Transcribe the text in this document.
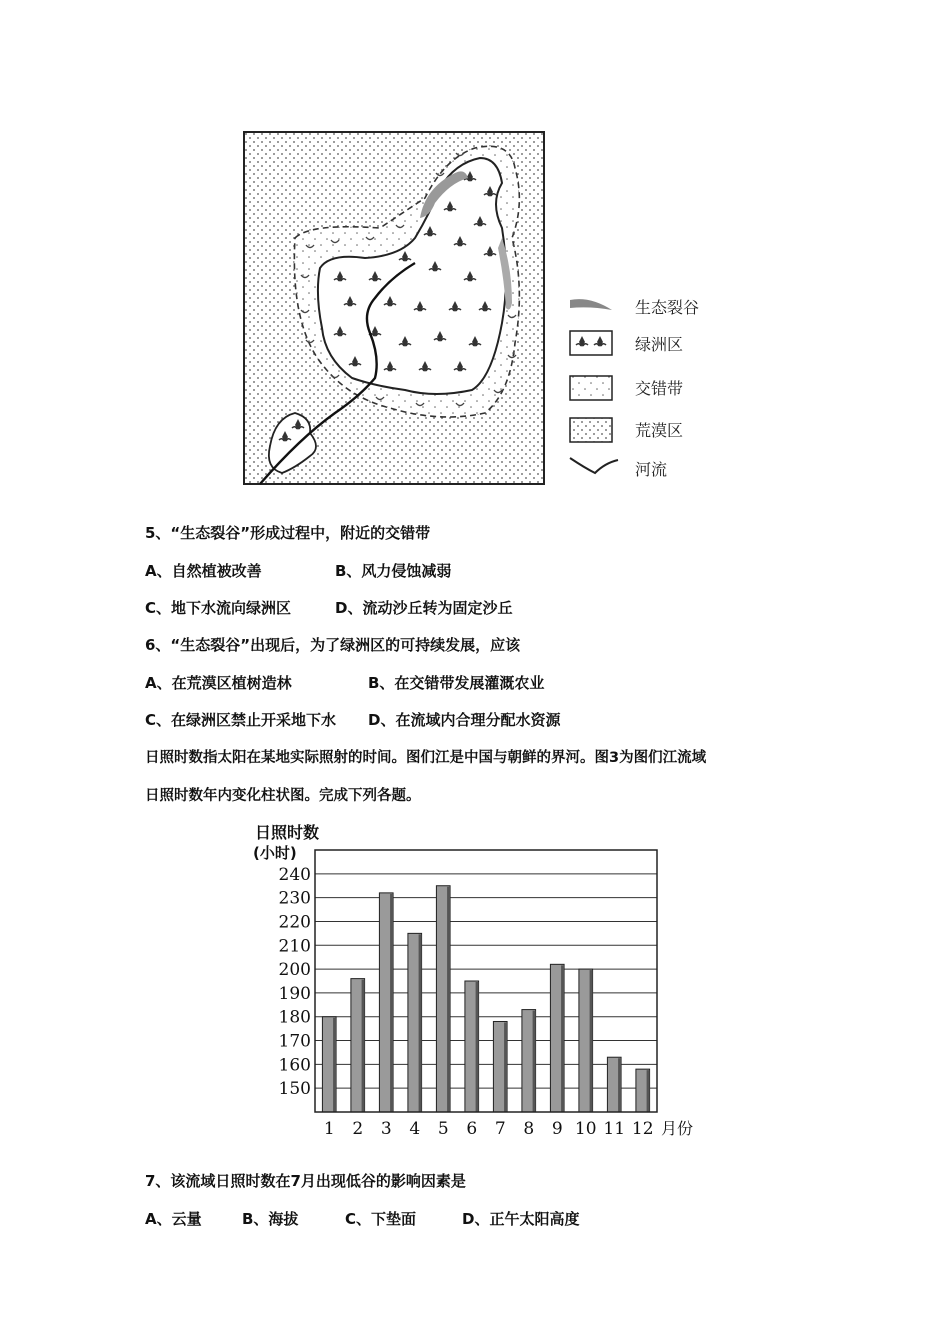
生态裂谷
绿洲区
交错带
荒漠区
河流
5、“生态裂谷”形成过程中，附近的交错带
A、自然植被改善	B、风力侵蚀减弱
C、地下水流向绿洲区	D、流动沙丘转为固定沙丘
6、“生态裂谷”出现后，为了绿洲区的可持续发展，应该
A、在荒漠区植树造林	B、在交错带发展灌溉农业
C、在绿洲区禁止开采地下水 D、在流域内合理分配水资源
日照时数指太阳在某地实际照射的时间。图们江是中国与朝鲜的界河。图3为图们江流域
日照时数年内变化柱状图。完成下列各题。
日照时数
(小时)
150
160
170
180
190
200
210
220
230
240
1 2 3 4 5 6 7 8 9 10 11 12 月份
7、该流域日照时数在7月出现低谷的影响因素是
A、云量	B、海拔	C、下垫面	D、正午太阳高度
